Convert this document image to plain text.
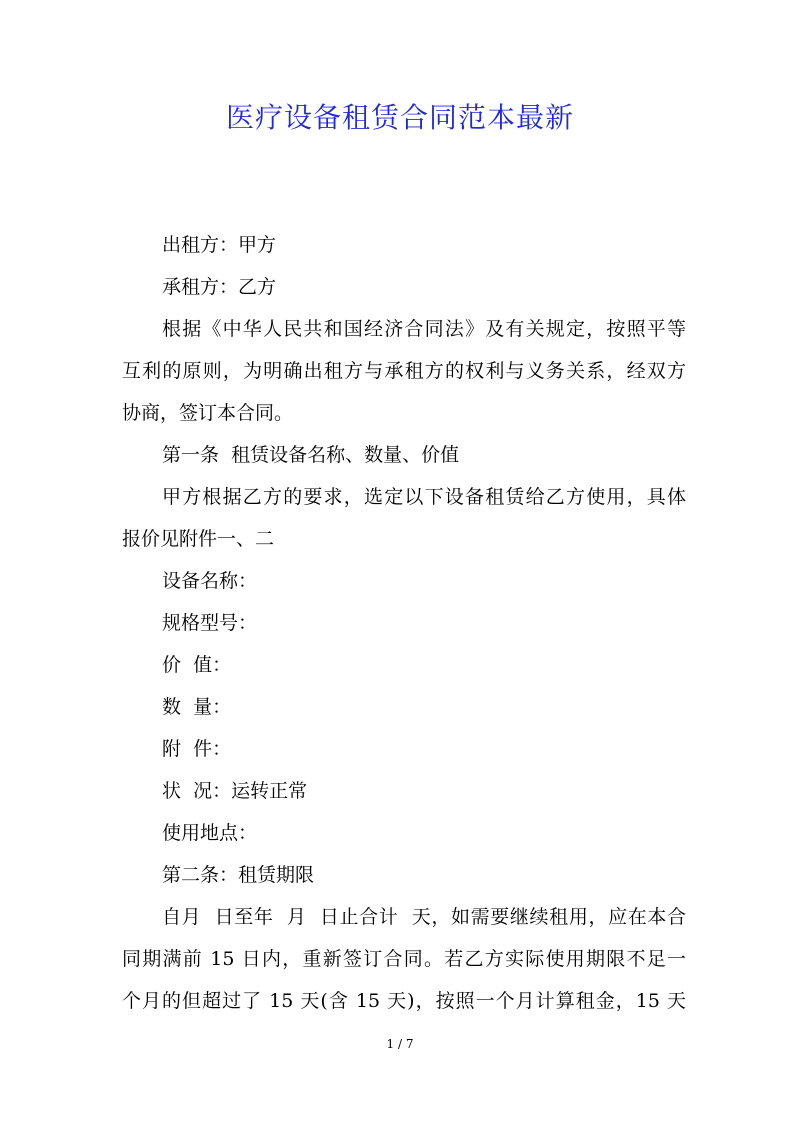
医疗设备租赁合同范本最新
出租方：甲方
承租方：乙方
根据《中华人民共和国经济合同法》及有关规定，按照平等
互利的原则，为明确出租方与承租方的权利与义务关系，经双方
协商，签订本合同。
第一条  租赁设备名称、数量、价值
甲方根据乙方的要求，选定以下设备租赁给乙方使用，具体
报价见附件一、二
设备名称：
规格型号：
价  值：
数  量：
附  件：
状  况：运转正常
使用地点：
第二条：租赁期限
自月  日至年  月  日止合计  天，如需要继续租用，应在本合
同期满前 15 日内，重新签订合同。若乙方实际使用期限不足一
个月的但超过了 15 天(含 15 天)，按照一个月计算租金，15 天
1 / 7
